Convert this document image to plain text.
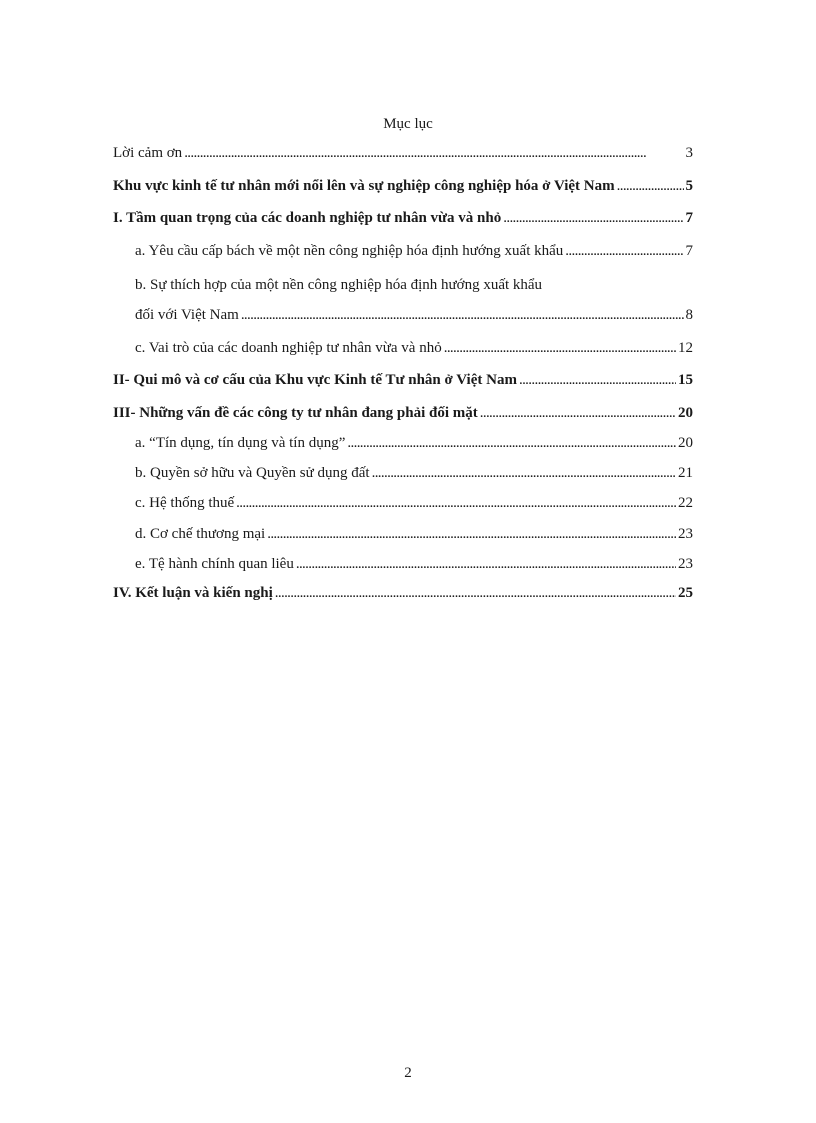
Mục lục
Lời cảm ơn . . .	3
Khu vực kinh tế tư nhân mới nổi lên và sự nghiệp công nghiệp hóa ở Việt Nam . . .	5
I. Tầm quan trọng của các doanh nghiệp tư nhân vừa và nhỏ . . .	7
a. Yêu cầu cấp bách về một nền công nghiệp hóa định hướng xuất khẩu . . .	7
b. Sự thích hợp của một nền công nghiệp hóa định hướng xuất khẩu
đối với Việt Nam . . .	8
c. Vai trò của các doanh nghiệp tư nhân vừa và nhỏ . . .	12
II- Qui mô và cơ cấu của Khu vực Kinh tế Tư nhân ở Việt Nam . . .	15
III- Những vấn đề các công ty tư nhân đang phải đối mặt . . .	20
a. “Tín dụng, tín dụng và tín dụng” . . .	20
b. Quyền sở hữu và Quyền sử dụng đất . . .	21
c. Hệ thống thuế . . .	22
d. Cơ chế thương mại . . .	23
e. Tệ hành chính quan liêu . . .	23
IV. Kết luận và kiến nghị . . .	25
2
